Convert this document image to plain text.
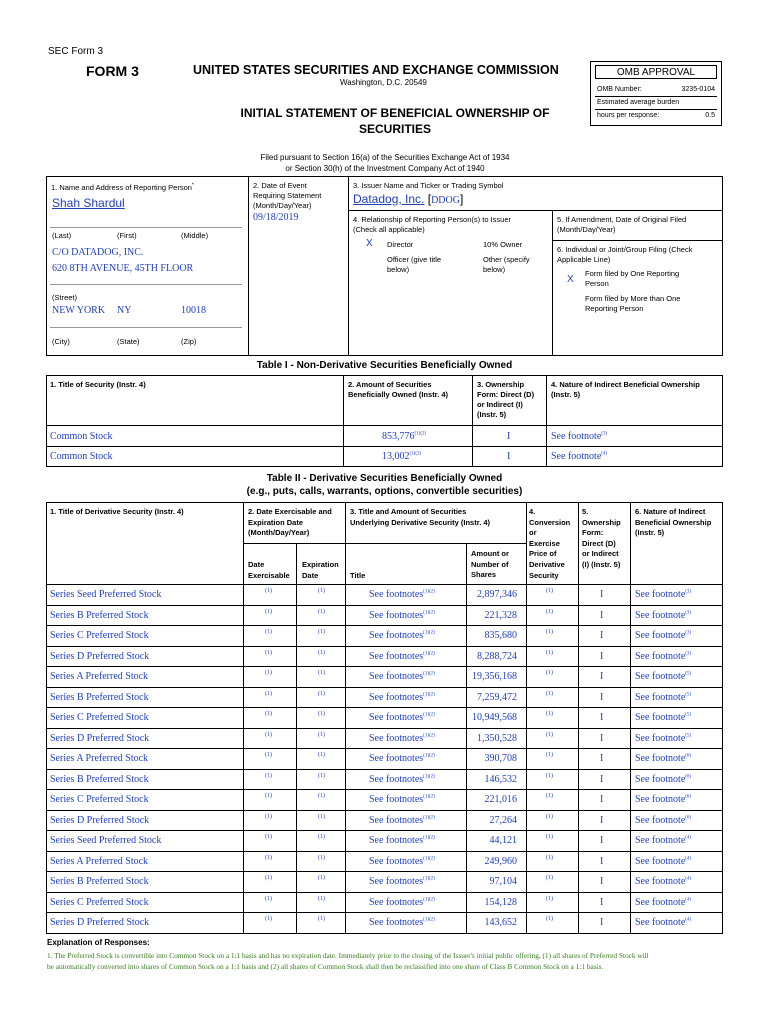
SEC Form 3
FORM 3	UNITED STATES SECURITIES AND EXCHANGE COMMISSION
Washington, D.C. 20549
INITIAL STATEMENT OF BENEFICIAL OWNERSHIP OF
SECURITIES
Filed pursuant to Section 16(a) of the Securities Exchange Act of 1934
or Section 30(h) of the Investment Company Act of 1940
OMB APPROVAL
OMB Number:	3235-0104
Estimated average burden
hours per response:	0.5
1. Name and Address of Reporting Person*
Shah Shardul
(Last)	(First)	(Middle)
C/O DATADOG, INC.
620 8TH AVENUE, 45TH FLOOR
(Street)
NEW YORK NY	10018
(City)	(State)	(Zip)
2. Date of Event
Requiring Statement
(Month/Day/Year)
09/18/2019
3. Issuer Name and Ticker or Trading Symbol
Datadog, Inc. [DDOG]
4. Relationship of Reporting Person(s) to Issuer
(Check all applicable)
X Director	10% Owner
Officer (give title
below)
Other (specify
below)
5. If Amendment, Date of Original Filed
(Month/Day/Year)
6. Individual or Joint/Group Filing (Check
Applicable Line)
X
Form filed by One Reporting
Person
Form filed by More than One
Reporting Person
Table I - Non-Derivative Securities Beneficially Owned
1. Title of Security (Instr. 4)	2. Amount of Securities
Beneficially Owned (Instr. 4)
3. Ownership
Form: Direct (D)
or Indirect (I)
(Instr. 5)
4. Nature of Indirect Beneficial Ownership
(Instr. 5)
Common Stock	$853,776^{(1)(2)}$	I	See footnote$^{(3)}$
Common Stock	$13,002^{(1)(2)}$	I	See footnote$^{(4)}$
Table II - Derivative Securities Beneficially Owned
(e.g., puts, calls, warrants, options, convertible securities)
1. Title of Derivative Security (Instr. 4)	2. Date Exercisable and
Expiration Date
(Month/Day/Year)
Date
Exercisable
Expiration
Date
3. Title and Amount of Securities
Underlying Derivative Security (Instr. 4)
Title
Amount or
Number of
Shares
4.
Conversion
or
Exercise
Price of
Derivative
Security
5.
Ownership
Form:
Direct (D)
or Indirect
(I) (Instr. 5)
6. Nature of Indirect
Beneficial Ownership
(Instr. 5)
Series Seed Preferred Stock	(1)	(1)	See footnotes$^{(1)(2)}$	2,897,346	(1)	I	See footnote$^{(3)}$
Series B Preferred Stock	(1)	(1)	See footnotes$^{(1)(2)}$	221,328	(1)	I	See footnote$^{(3)}$
Series C Preferred Stock	(1)	(1)	See footnotes$^{(1)(2)}$	835,680	(1)	I	See footnote$^{(3)}$
Series D Preferred Stock	(1)	(1)	See footnotes$^{(1)(2)}$	8,288,724	(1)	I	See footnote$^{(3)}$
Series A Preferred Stock	(1)	(1)	See footnotes$^{(1)(2)}$	19,356,168	(1)	I	See footnote$^{(5)}$
Series B Preferred Stock	(1)	(1)	See footnotes$^{(1)(2)}$	7,259,472	(1)	I	See footnote$^{(5)}$
Series C Preferred Stock	(1)	(1)	See footnotes$^{(1)(2)}$	10,949,568	(1)	I	See footnote$^{(5)}$
Series D Preferred Stock	(1)	(1)	See footnotes$^{(1)(2)}$	1,350,528	(1)	I	See footnote$^{(5)}$
Series A Preferred Stock	(1)	(1)	See footnotes$^{(1)(2)}$	390,708	(1)	I	See footnote$^{(6)}$
Series B Preferred Stock	(1)	(1)	See footnotes$^{(1)(2)}$	146,532	(1)	I	See footnote$^{(6)}$
Series C Preferred Stock	(1)	(1)	See footnotes$^{(1)(2)}$	221,016	(1)	I	See footnote$^{(6)}$
Series D Preferred Stock	(1)	(1)	See footnotes$^{(1)(2)}$	27,264	(1)	I	See footnote$^{(6)}$
Series Seed Preferred Stock	(1)	(1)	See footnotes$^{(1)(2)}$	44,121	(1)	I	See footnote$^{(4)}$
Series A Preferred Stock	(1)	(1)	See footnotes$^{(1)(2)}$	249,960	(1)	I	See footnote$^{(4)}$
Series B Preferred Stock	(1)	(1)	See footnotes$^{(1)(2)}$	97,104	(1)	I	See footnote$^{(4)}$
Series C Preferred Stock	(1)	(1)	See footnotes$^{(1)(2)}$	154,128	(1)	I	See footnote$^{(4)}$
Series D Preferred Stock	(1)	(1)	See footnotes$^{(1)(2)}$	143,652	(1)	I	See footnote$^{(4)}$
Explanation of Responses:
1. The Preferred Stock is convertible into Common Stock on a 1:1 basis and has no expiration date. Immediately prior to the closing of the Issuer's initial public offering, (1) all shares of Preferred Stock will
be automatically converted into shares of Common Stock on a 1:1 basis and (2) all shares of Common Stock shall then be reclassified into one share of Class B Common Stock on a 1:1 basis.
